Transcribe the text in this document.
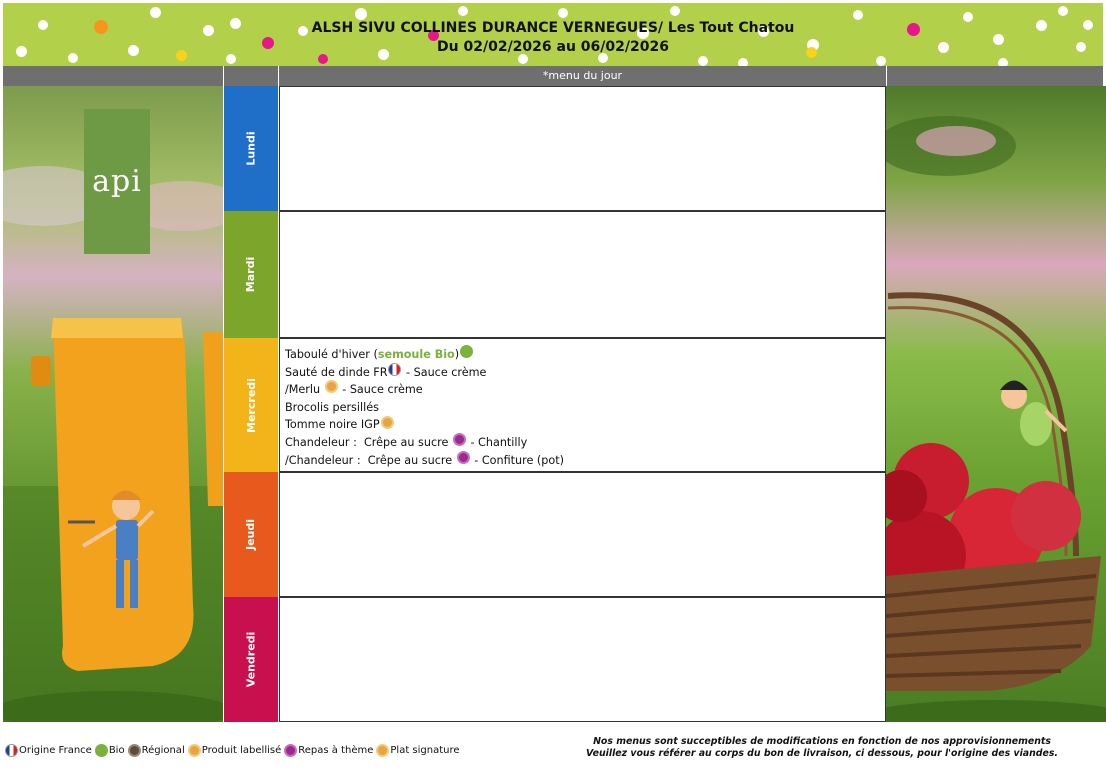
ALSH SIVU COLLINES DURANCE VERNEGUES/ Les Tout Chatou
Du 02/02/2026 au 06/02/2026
*menu du jour
api
Lundi
Mardi
Mercredi
Taboulé d'hiver ( semoule Bio )
Sauté de dinde FR - Sauce crème
/Merlu - Sauce crème
Brocolis persillés
Tomme noire IGP
Chandeleur :  Crêpe au sucre - Chantilly
/Chandeleur :  Crêpe au sucre - Confiture (pot)
Jeudi
Vendredi
Origine France Bio Régional Produit labellisé Repas à thème Plat signature
Nos menus sont succeptibles de modifications en fonction de nos approvisionnements
Veuillez vous référer au corps du bon de livraison, ci dessous, pour l'origine des viandes.
